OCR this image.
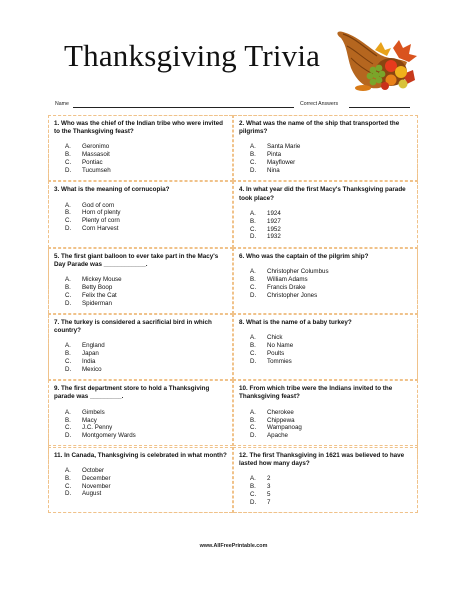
Thanksgiving Trivia
Name	Correct Answers
1. Who was the chief of the Indian tribe who were invited to the Thanksgiving feast?
A.	Geronimo
B.	Massasoit
C.	Pontiac
D.	Tucumseh
2. What was the name of the ship that transported the pilgrims?
A.	Santa Marie
B.	Pinta
C.	Mayflower
D.	Nina
3. What is the meaning of cornucopia?
A.	God of corn
B.	Horn of plenty
C.	Plenty of corn
D.	Corn Harvest
4. In what year did the first Macy's Thanksgiving parade took place?
A.	1924
B.	1927
C.	1952
D.	1932
5. The first giant balloon to ever take part in the Macy's Day Parade was ____________.
A.	Mickey Mouse
B.	Betty Boop
C.	Felix the Cat
D.	Spiderman
6. Who was the captain of the pilgrim ship?
A.	Christopher Columbus
B.	William Adams
C.	Francis Drake
D.	Christopher Jones
7. The turkey is considered a sacrificial bird in which country?
A.	England
B.	Japan
C.	India
D.	Mexico
8. What is the name of a baby turkey?
A.	Chick
B.	No Name
C.	Poults
D.	Tommies
9. The first department store to hold a Thanksgiving parade was _________.
A.	Gimbels
B.	Macy
C.	J.C. Penny
D.	Montgomery Wards
10. From which tribe were the Indians invited to the Thanksgiving feast?
A.	Cherokee
B.	Chippewa
C.	Wampanoag
D.	Apache
11. In Canada, Thanksgiving is celebrated in what month?
A.	October
B.	December
C.	November
D.	August
12. The first Thanksgiving in 1621 was believed to have lasted how many days?
A.	2
B.	3
C.	5
D.	7
www.AllFreePrintable.com
